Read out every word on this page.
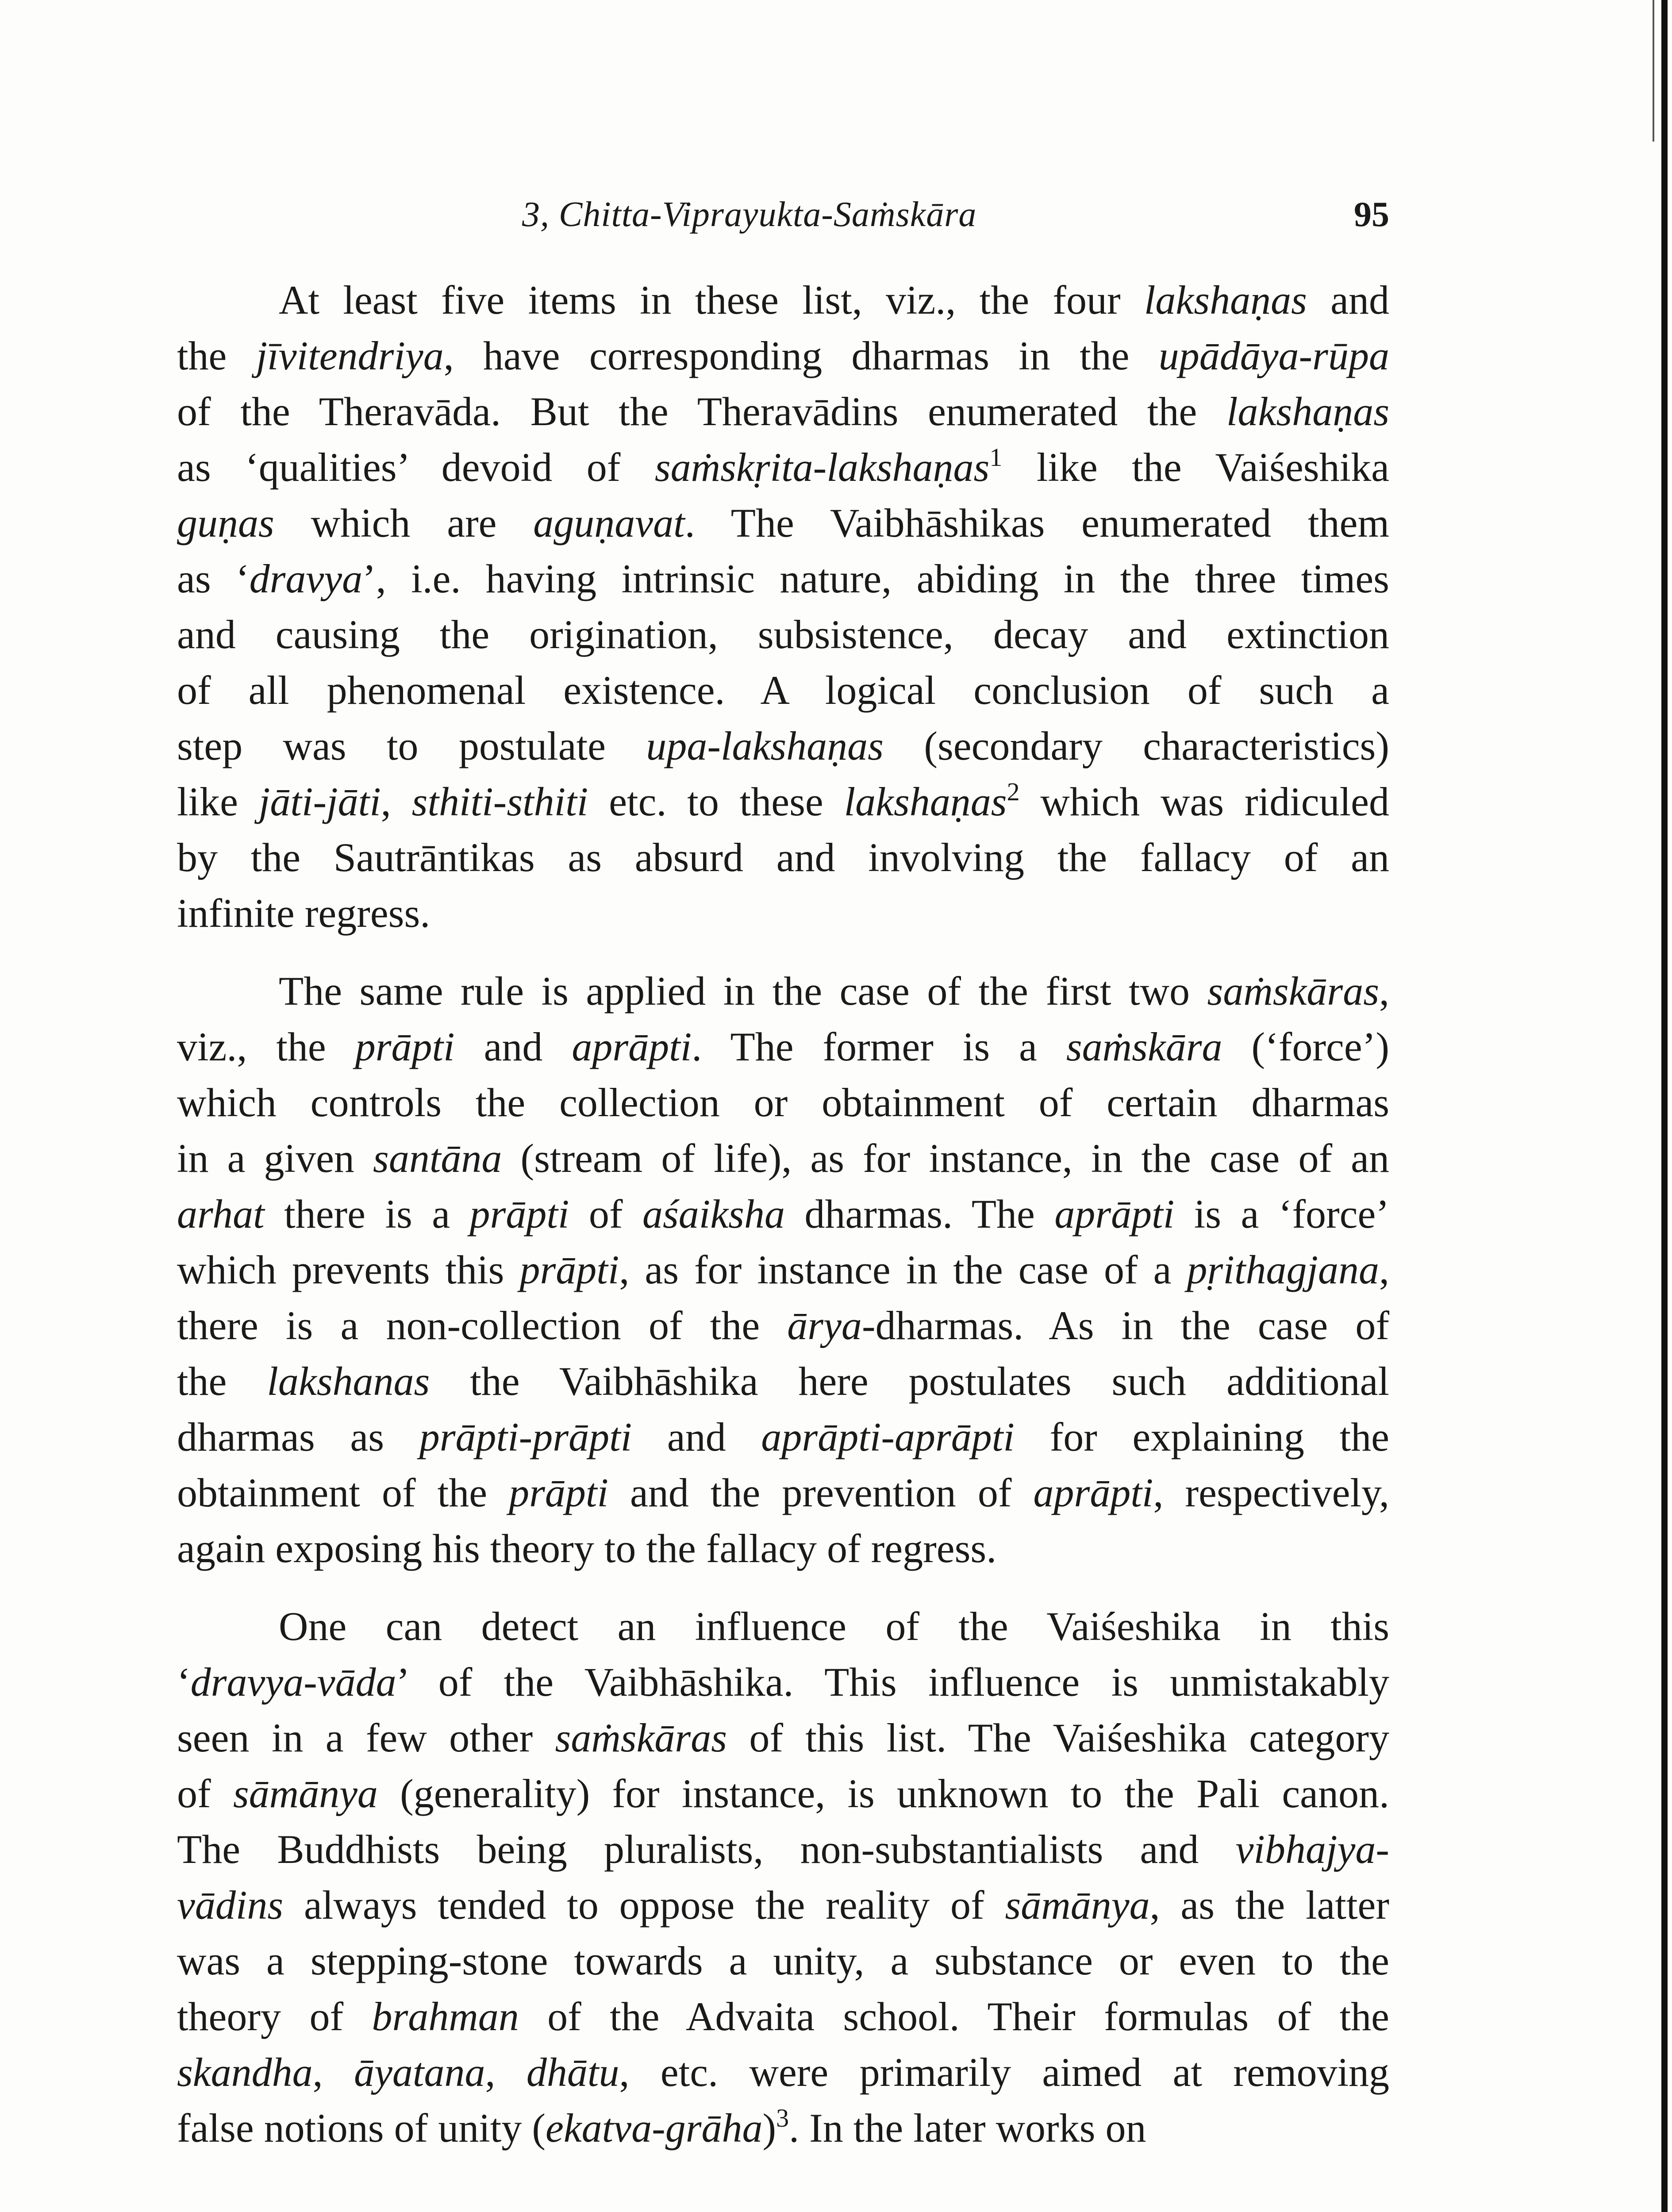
3, Chitta-Viprayukta-Saṁskāra	95
At least five items in these list, viz., the four lakshaṇas and
the jīvitendriya, have corresponding dharmas in the upādāya-rūpa
of the Theravāda. But the Theravādins enumerated the lakshaṇas
as ‘qualities’ devoid of saṁskṛita-lakshaṇas$^1$ like the Vaiśeshika
guṇas which are aguṇavat. The Vaibhāshikas enumerated them
as ‘dravya’, i.e. having intrinsic nature, abiding in the three times
and causing the origination, subsistence, decay and extinction
of all phenomenal existence. A logical conclusion of such a
step was to postulate upa-lakshaṇas (secondary characteristics)
like jāti-jāti, sthiti-sthiti etc. to these lakshaṇas$^2$ which was ridiculed
by the Sautrāntikas as absurd and involving the fallacy of an
infinite regress.
The same rule is applied in the case of the first two saṁskāras,
viz., the prāpti and aprāpti. The former is a saṁskāra (‘force’)
which controls the collection or obtainment of certain dharmas
in a given santāna (stream of life), as for instance, in the case of an
arhat there is a prāpti of aśaiksha dharmas. The aprāpti is a ‘force’
which prevents this prāpti, as for instance in the case of a pṛithagjana,
there is a non-collection of the ārya-dharmas. As in the case of
the lakshanas the Vaibhāshika here postulates such additional
dharmas as prāpti-prāpti and aprāpti-aprāpti for explaining the
obtainment of the prāpti and the prevention of aprāpti, respectively,
again exposing his theory to the fallacy of regress.
One can detect an influence of the Vaiśeshika in this
‘dravya-vāda’ of the Vaibhāshika. This influence is unmistakably
seen in a few other saṁskāras of this list. The Vaiśeshika category
of sāmānya (generality) for instance, is unknown to the Pali canon.
The Buddhists being pluralists, non-substantialists and vibhajya-
vādins always tended to oppose the reality of sāmānya, as the latter
was a stepping-stone towards a unity, a substance or even to the
theory of brahman of the Advaita school. Their formulas of the
skandha, āyatana, dhātu, etc. were primarily aimed at removing
false notions of unity (ekatva-grāha)$^3$. In the later works on
